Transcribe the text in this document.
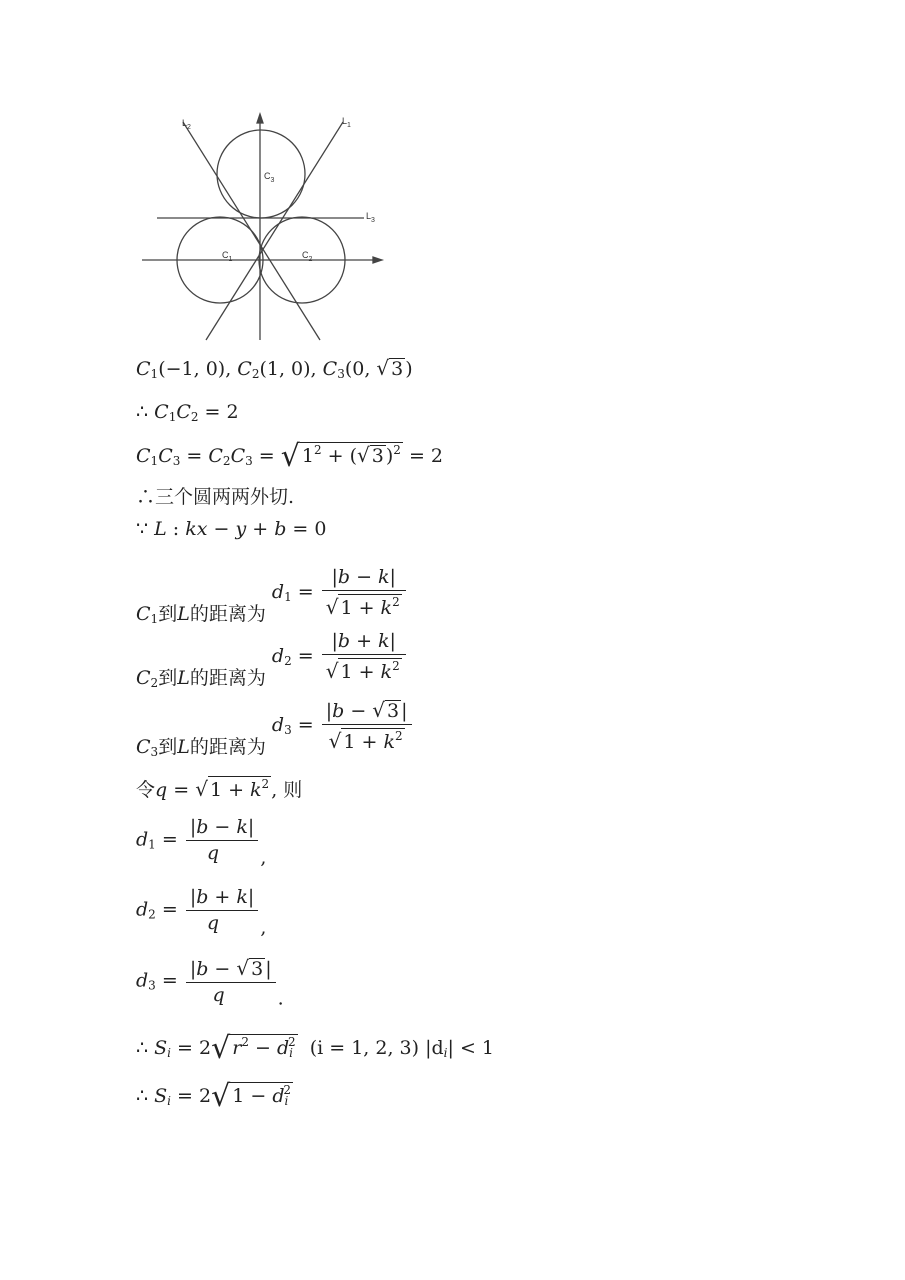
$L_2$
$L_1$
$L_3$
$C_3$
$C_1$	$C_2$
$C_1(-1$, 0), $C_2(1$, 0), $C_3(0$, √ 3 )
∴ $C_1C_2 = 2$
$C_1C_3 = C_2C_3$ = √ $1^2$ + (√ 3 )$^2$ = 2
∴三个圆两两外切.
∵ L : kx − y + b = 0
$C_1$到L的距离为 $d_1 = \frac{|b - k|}{√ 1 + k^2}$
$C_2$到L的距离为 $d_2 = \frac{|b + k|}{√ 1 + k^2}$
$C_3$到L的距离为 $d_3 = \frac{|b - √ 3 |}{√ 1 + k^2}$
令q = √ $1 + k^2$ , 则
$d_1 = \frac{|b - k|}{q}$ ,
$d_2 = \frac{|b + k|}{q}$ ,
$d_3 = \frac{|b - √ 3 |}{q}$ .
∴ $S_i = 2√$ $r^2 - d_i^2$ (i = 1, 2, 3) $|d_i| < 1$
∴ $S_i = 2√$ $1 - d_i^2$
